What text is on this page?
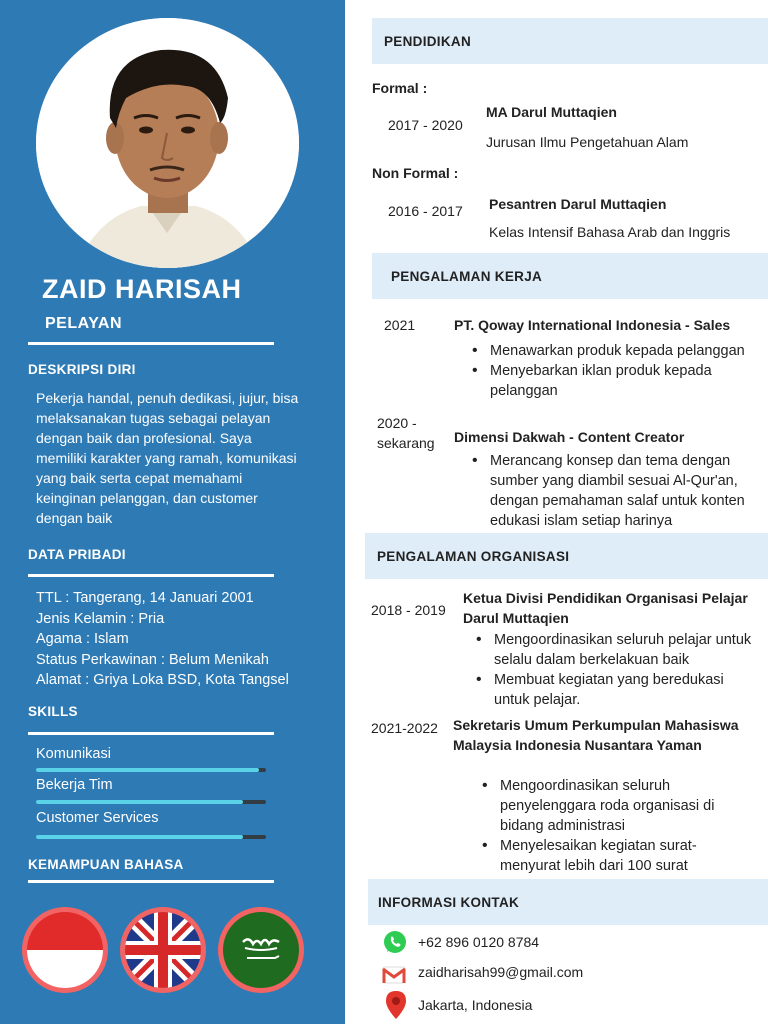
ZAID HARISAH
PELAYAN
DESKRIPSI DIRI
Pekerja handal, penuh dedikasi, jujur, bisa
melaksanakan tugas sebagai pelayan
dengan baik dan profesional. Saya
memiliki karakter yang ramah, komunikasi
yang baik serta cepat memahami
keinginan pelanggan, dan customer
dengan baik
DATA PRIBADI
TTL : Tangerang, 14 Januari 2001
Jenis Kelamin : Pria
Agama : Islam
Status Perkawinan : Belum Menikah
Alamat : Griya Loka BSD, Kota Tangsel
SKILLS
Komunikasi
Bekerja Tim
Customer Services
KEMAMPUAN BAHASA
PENDIDIKAN
Formal :
2017 - 2020
MA Darul Muttaqien
Jurusan Ilmu Pengetahuan Alam
Non Formal :
2016 - 2017 Pesantren Darul Muttaqien
Kelas Intensif Bahasa Arab dan Inggris
PENGALAMAN KERJA
2021	PT. Qoway International Indonesia - Sales
• Menawarkan produk kepada pelanggan
• Menyebarkan iklan produk kepada pelanggan
2020 -
sekarang Dimensi Dakwah - Content Creator
• Merancang konsep dan tema dengan sumber yang diambil sesuai Al-Qur'an, dengan pemahaman salaf untuk konten edukasi islam setiap harinya
PENGALAMAN ORGANISASI
2018 - 2019
Ketua Divisi Pendidikan Organisasi Pelajar Darul Muttaqien
• Mengoordinasikan seluruh pelajar untuk selalu dalam berkelakuan baik
• Membuat kegiatan yang beredukasi untuk pelajar.
2021-2022 Sekretaris Umum Perkumpulan Mahasiswa Malaysia Indonesia Nusantara Yaman
• Mengoordinasikan seluruh penyelenggara roda organisasi di bidang administrasi
• Menyelesaikan kegiatan surat-menyurat lebih dari 100 surat
INFORMASI KONTAK
+62 896 0120 8784
zaidharisah99@gmail.com
Jakarta, Indonesia
